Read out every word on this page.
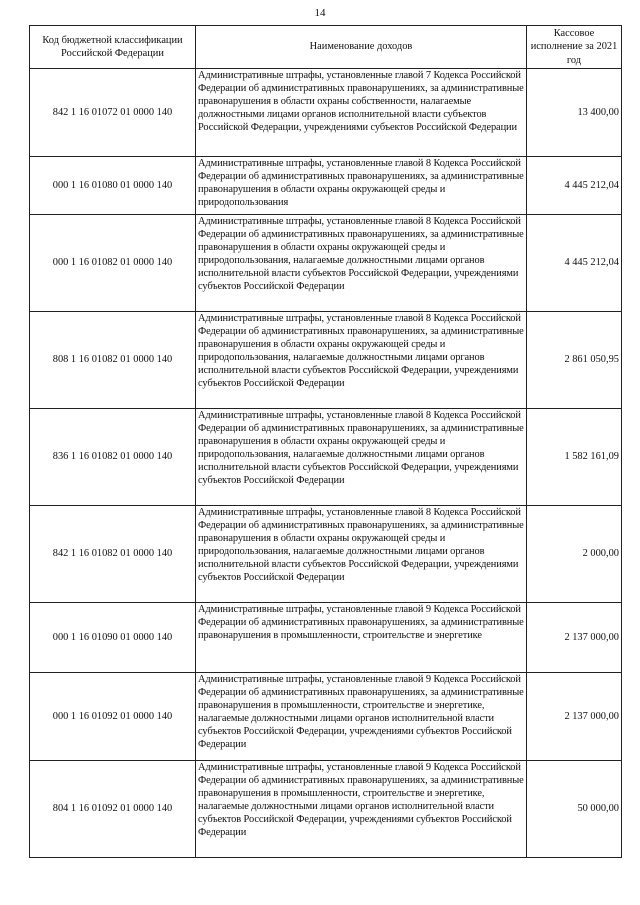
14
Код бюджетной классификации Российской Федерации	Наименование доходов	Кассовое исполнение за 2021 год
842 1 16 01072 01 0000 140	Административные штрафы, установленные главой 7 Кодекса Российской Федерации об административных правонарушениях, за административные правонарушения в области охраны собственности, налагаемые должностными лицами органов исполнительной власти субъектов Российской Федерации, учреждениями субъектов Российской Федерации	13 400,00
000 1 16 01080 01 0000 140	Административные штрафы, установленные главой 8 Кодекса Российской Федерации об административных правонарушениях, за административные правонарушения в области охраны окружающей среды и природопользования	4 445 212,04
000 1 16 01082 01 0000 140	Административные штрафы, установленные главой 8 Кодекса Российской Федерации об административных правонарушениях, за административные правонарушения в области охраны окружающей среды и природопользования, налагаемые должностными лицами органов исполнительной власти субъектов Российской Федерации, учреждениями субъектов Российской Федерации	4 445 212,04
808 1 16 01082 01 0000 140	Административные штрафы, установленные главой 8 Кодекса Российской Федерации об административных правонарушениях, за административные правонарушения в области охраны окружающей среды и природопользования, налагаемые должностными лицами органов исполнительной власти субъектов Российской Федерации, учреждениями субъектов Российской Федерации	2 861 050,95
836 1 16 01082 01 0000 140	Административные штрафы, установленные главой 8 Кодекса Российской Федерации об административных правонарушениях, за административные правонарушения в области охраны окружающей среды и природопользования, налагаемые должностными лицами органов исполнительной власти субъектов Российской Федерации, учреждениями субъектов Российской Федерации	1 582 161,09
842 1 16 01082 01 0000 140	Административные штрафы, установленные главой 8 Кодекса Российской Федерации об административных правонарушениях, за административные правонарушения в области охраны окружающей среды и природопользования, налагаемые должностными лицами органов исполнительной власти субъектов Российской Федерации, учреждениями субъектов Российской Федерации	2 000,00
000 1 16 01090 01 0000 140	Административные штрафы, установленные главой 9 Кодекса Российской Федерации об административных правонарушениях, за административные правонарушения в промышленности, строительстве и энергетике	2 137 000,00
000 1 16 01092 01 0000 140	Административные штрафы, установленные главой 9 Кодекса Российской Федерации об административных правонарушениях, за административные правонарушения в промышленности, строительстве и энергетике, налагаемые должностными лицами органов исполнительной власти субъектов Российской Федерации, учреждениями субъектов Российской Федерации	2 137 000,00
804 1 16 01092 01 0000 140	Административные штрафы, установленные главой 9 Кодекса Российской Федерации об административных правонарушениях, за административные правонарушения в промышленности, строительстве и энергетике, налагаемые должностными лицами органов исполнительной власти субъектов Российской Федерации, учреждениями субъектов Российской Федерации	50 000,00
